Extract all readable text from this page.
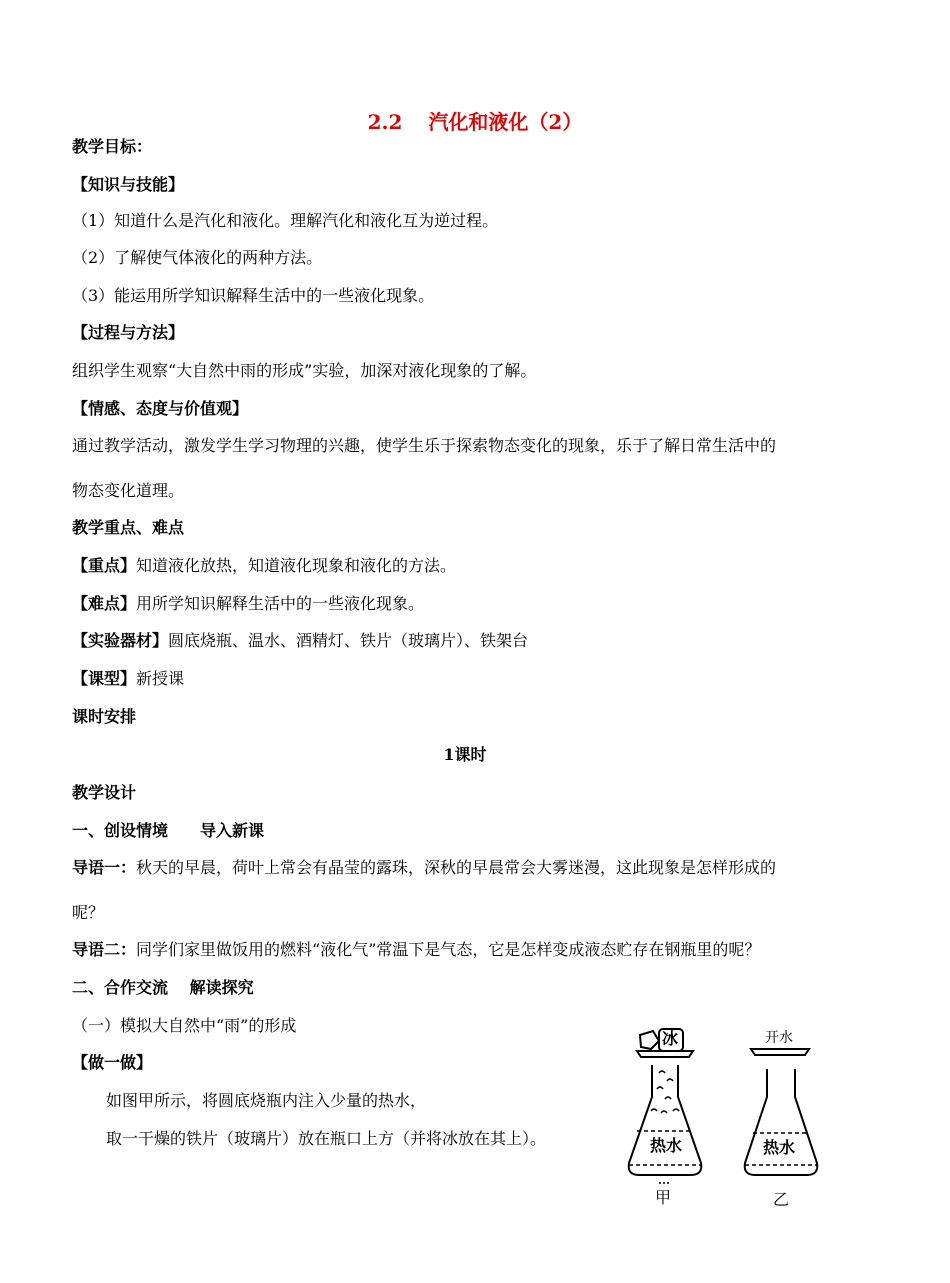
2.2 汽化和液化（2）
教学目标：
【知识与技能】
（1）知道什么是汽化和液化。理解汽化和液化互为逆过程。
（2）了解使气体液化的两种方法。
（3）能运用所学知识解释生活中的一些液化现象。
【过程与方法】
组织学生观察“大自然中雨的形成”实验，加深对液化现象的了解。
【情感、态度与价值观】
通过教学活动，激发学生学习物理的兴趣，使学生乐于探索物态变化的现象，乐于了解日常生活中的
物态变化道理。
教学重点、难点
【重点】知道液化放热，知道液化现象和液化的方法。
【难点】用所学知识解释生活中的一些液化现象。
【实验器材】圆底烧瓶、温水、酒精灯、铁片（玻璃片）、铁架台
【课型】新授课
课时安排
1课时
教学设计
一、创设情境　　导入新课
导语一：秋天的早晨，荷叶上常会有晶莹的露珠，深秋的早晨常会大雾迷漫，这此现象是怎样形成的
呢？
导语二：同学们家里做饭用的燃料“液化气”常温下是气态，它是怎样变成液态贮存在钢瓶里的呢？
二、合作交流　 解读探究
（一）模拟大自然中“雨”的形成
【做一做】
如图甲所示，将圆底烧瓶内注入少量的热水，
取一干燥的铁片（玻璃片）放在瓶口上方（并将冰放在其上）。
冰
热水
甲
开水
热水
乙
